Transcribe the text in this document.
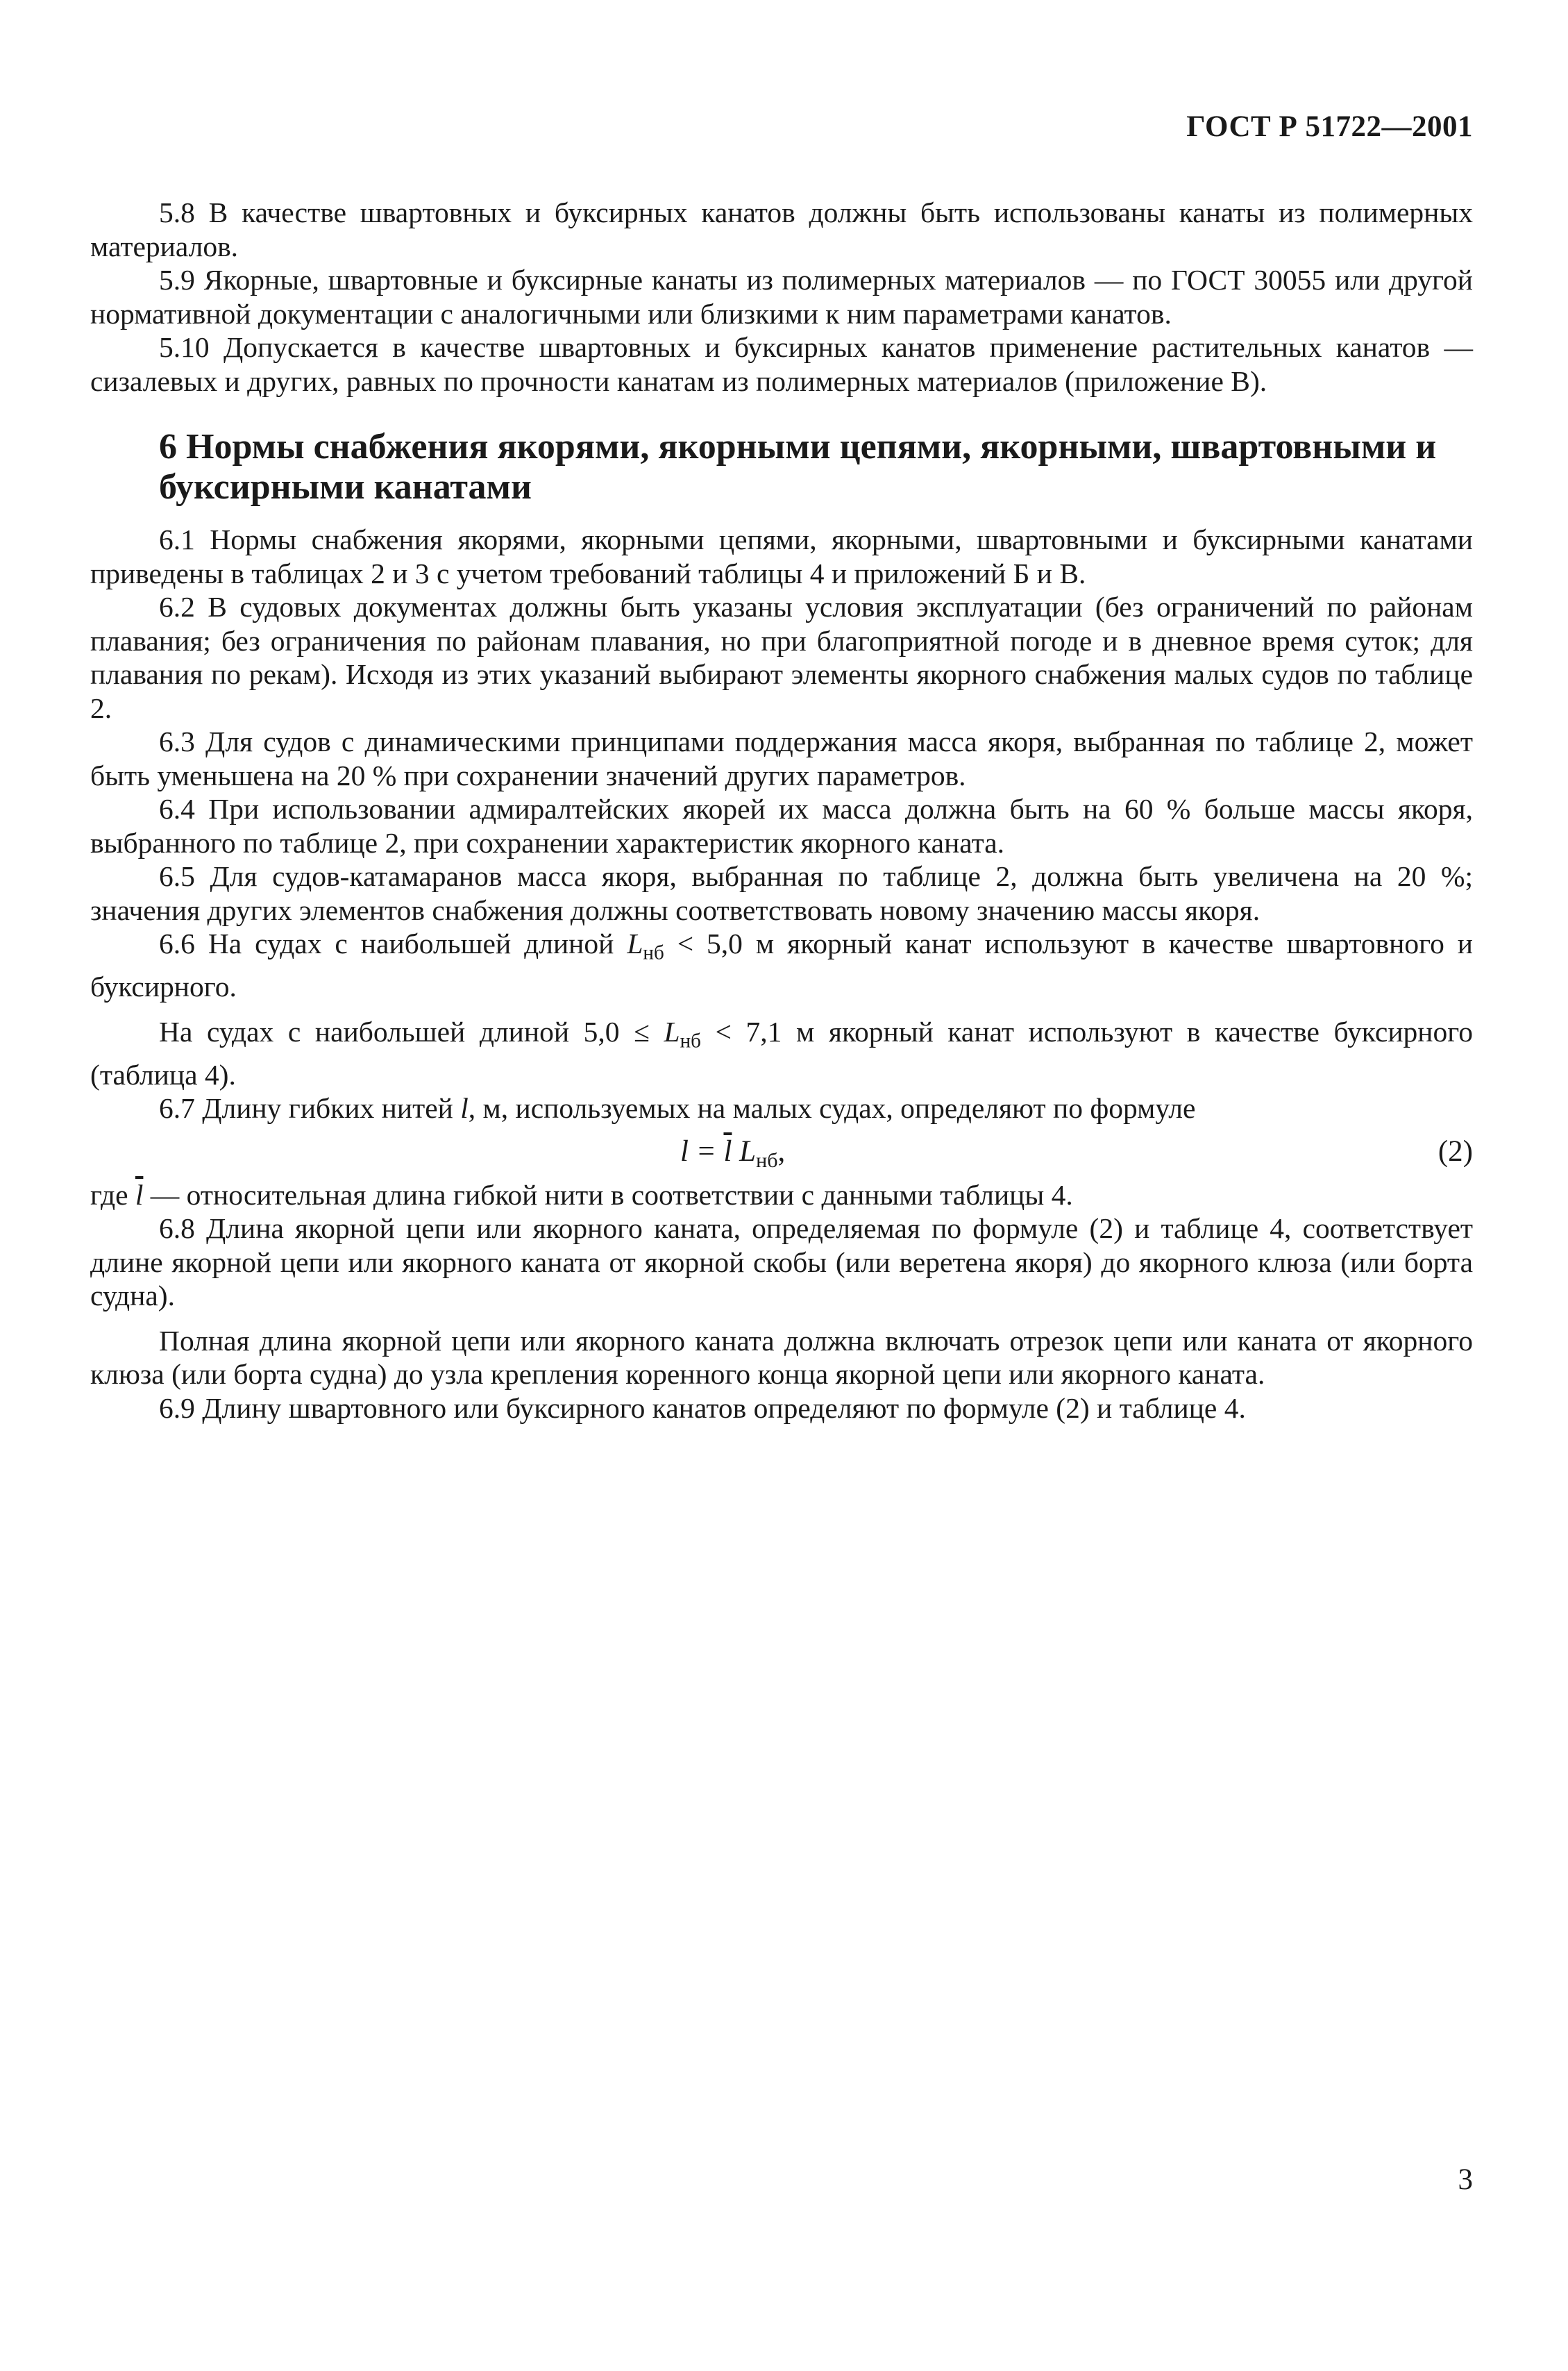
ГОСТ Р 51722—2001

5.8 В качестве швартовных и буксирных канатов должны быть использованы канаты из полимерных материалов.

5.9 Якорные, швартовные и буксирные канаты из полимерных материалов — по ГОСТ 30055 или другой нормативной документации с аналогичными или близкими к ним параметрами канатов.

5.10 Допускается в качестве швартовных и буксирных канатов применение растительных канатов — сизалевых и других, равных по прочности канатам из полимерных материалов (приложение В).

6 Нормы снабжения якорями, якорными цепями, якорными, швартовными и буксирными канатами

6.1 Нормы снабжения якорями, якорными цепями, якорными, швартовными и буксирными канатами приведены в таблицах 2 и 3 с учетом требований таблицы 4 и приложений Б и В.

6.2 В судовых документах должны быть указаны условия эксплуатации (без ограничений по районам плавания; без ограничения по районам плавания, но при благоприятной погоде и в дневное время суток; для плавания по рекам). Исходя из этих указаний выбирают элементы якорного снабжения малых судов по таблице 2.

6.3 Для судов с динамическими принципами поддержания масса якоря, выбранная по таблице 2, может быть уменьшена на 20 % при сохранении значений других параметров.

6.4 При использовании адмиралтейских якорей их масса должна быть на 60 % больше массы якоря, выбранного по таблице 2, при сохранении характеристик якорного каната.

6.5 Для судов-катамаранов масса якоря, выбранная по таблице 2, должна быть увеличена на 20 %; значения других элементов снабжения должны соответствовать новому значению массы якоря.

6.6 На судах с наибольшей длиной $L_{нб} < 5,0$ м якорный канат используют в качестве швартовного и буксирного.

На судах с наибольшей длиной $5,0 \le L_{нб} < 7,1$ м якорный канат используют в качестве буксирного (таблица 4).

6.7 Длину гибких нитей l, м, используемых на малых судах, определяют по формуле

$l = \overline{l}$ $L_{нб}$,	(2)

где $\overline{l}$ — относительная длина гибкой нити в соответствии с данными таблицы 4.

6.8 Длина якорной цепи или якорного каната, определяемая по формуле (2) и таблице 4, соответствует длине якорной цепи или якорного каната от якорной скобы (или веретена якоря) до якорного клюза (или борта судна).

Полная длина якорной цепи или якорного каната должна включать отрезок цепи или каната от якорного клюза (или борта судна) до узла крепления коренного конца якорной цепи или якорного каната.

6.9 Длину швартовного или буксирного канатов определяют по формуле (2) и таблице 4.

3
